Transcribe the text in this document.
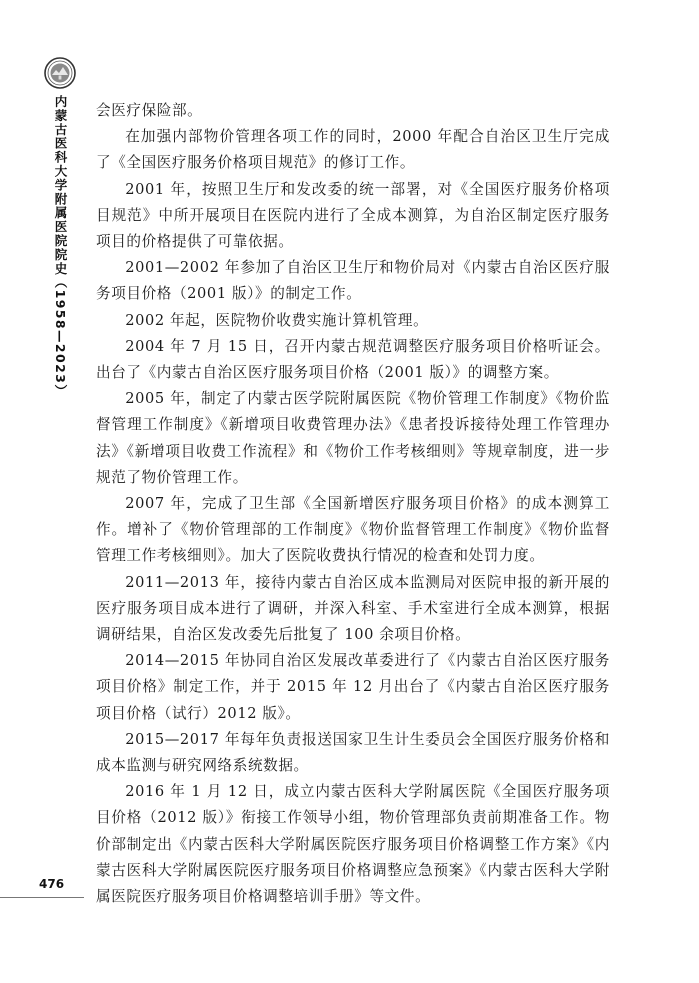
内蒙古医科大学附属医院院史（1958—2023）
476

会医疗保险部。

在加强内部物价管理各项工作的同时，2000 年配合自治区卫生厅完成了《全国医疗服务价格项目规范》的修订工作。

2001 年，按照卫生厅和发改委的统一部署，对《全国医疗服务价格项目规范》中所开展项目在医院内进行了全成本测算，为自治区制定医疗服务项目的价格提供了可靠依据。

2001—2002 年参加了自治区卫生厅和物价局对《内蒙古自治区医疗服务项目价格（2001 版）》的制定工作。

2002 年起，医院物价收费实施计算机管理。

2004 年 7 月 15 日，召开内蒙古规范调整医疗服务项目价格听证会。出台了《内蒙古自治区医疗服务项目价格（2001 版）》的调整方案。

2005 年，制定了内蒙古医学院附属医院《物价管理工作制度》《物价监督管理工作制度》《新增项目收费管理办法》《患者投诉接待处理工作管理办法》《新增项目收费工作流程》和《物价工作考核细则》等规章制度，进一步规范了物价管理工作。

2007 年，完成了卫生部《全国新增医疗服务项目价格》的成本测算工作。增补了《物价管理部的工作制度》《物价监督管理工作制度》《物价监督管理工作考核细则》。加大了医院收费执行情况的检查和处罚力度。

2011—2013 年，接待内蒙古自治区成本监测局对医院申报的新开展的医疗服务项目成本进行了调研，并深入科室、手术室进行全成本测算，根据调研结果，自治区发改委先后批复了 100 余项目价格。

2014—2015 年协同自治区发展改革委进行了《内蒙古自治区医疗服务项目价格》制定工作，并于 2015 年 12 月出台了《内蒙古自治区医疗服务项目价格（试行）2012 版》。

2015—2017 年每年负责报送国家卫生计生委员会全国医疗服务价格和成本监测与研究网络系统数据。

2016 年 1 月 12 日，成立内蒙古医科大学附属医院《全国医疗服务项目价格（2012 版）》衔接工作领导小组，物价管理部负责前期准备工作。物价部制定出《内蒙古医科大学附属医院医疗服务项目价格调整工作方案》《内蒙古医科大学附属医院医疗服务项目价格调整应急预案》《内蒙古医科大学附属医院医疗服务项目价格调整培训手册》等文件。
